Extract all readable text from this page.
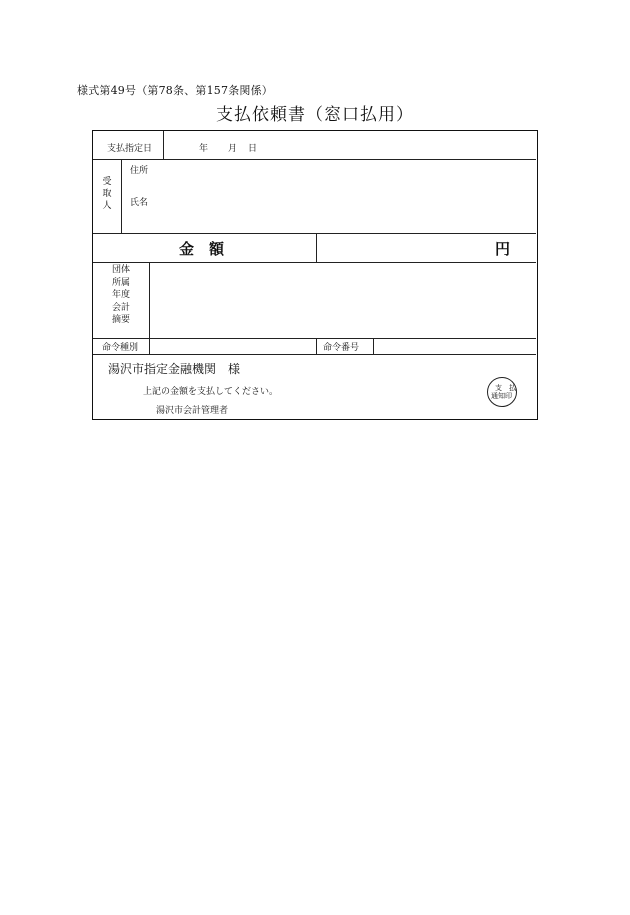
様式第49号（第78条、第157条関係）
支払依頼書（窓口払用）
支払指定日	年 月 日
受
取
人
住所
氏名
金　額	円
団体
所属
年度
会計
摘要
命令種別	命令番号
湯沢市指定金融機関　様
上記の金額を支払してください。
湯沢市会計管理者
支　払
通知印
